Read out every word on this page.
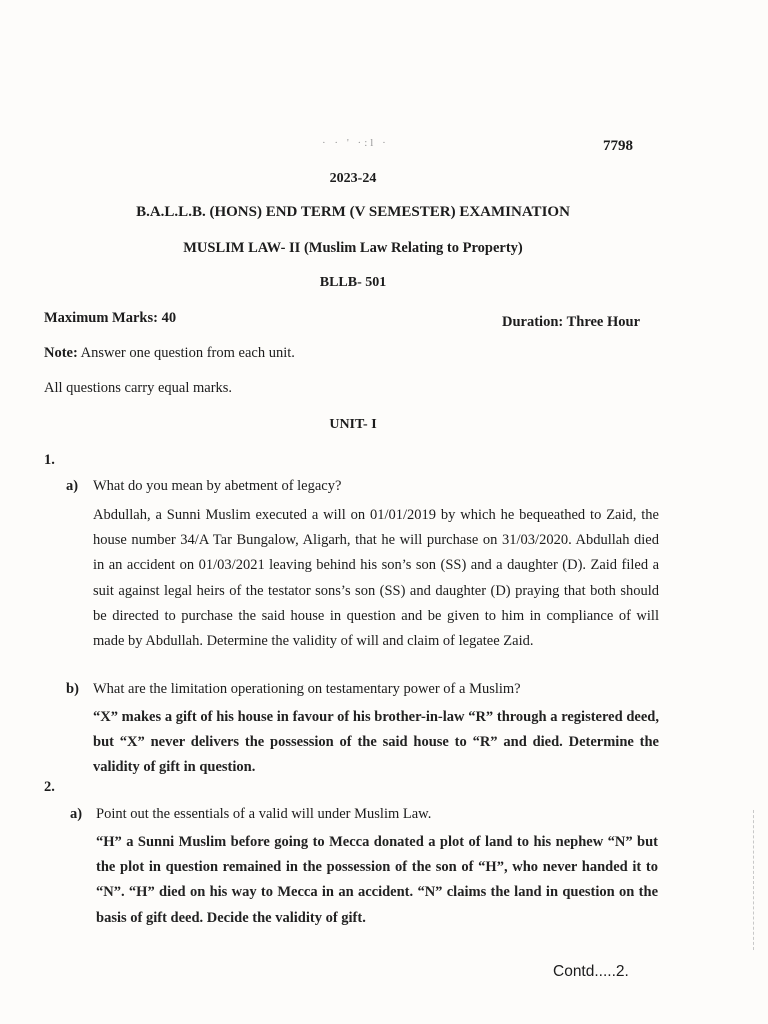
· · ' ·:l ·	7798
2023-24
B.A.L.L.B. (HONS) END TERM (V SEMESTER) EXAMINATION
MUSLIM LAW- II (Muslim Law Relating to Property)
BLLB- 501
Maximum Marks: 40	Duration: Three Hour
Note: Answer one question from each unit.
All questions carry equal marks.
UNIT- I
1.
a) What do you mean by abetment of legacy?
Abdullah, a Sunni Muslim executed a will on 01/01/2019 by which he bequeathed to Zaid, the house number 34/A Tar Bungalow, Aligarh, that he will purchase on 31/03/2020. Abdullah died in an accident on 01/03/2021 leaving behind his son’s son (SS) and a daughter (D). Zaid filed a suit against legal heirs of the testator sons’s son (SS) and daughter (D) praying that both should be directed to purchase the said house in question and be given to him in compliance of will made by Abdullah. Determine the validity of will and claim of legatee Zaid.
b) What are the limitation operationing on testamentary power of a Muslim?
“X” makes a gift of his house in favour of his brother-in-law “R” through a registered deed, but “X” never delivers the possession of the said house to “R” and died. Determine the validity of gift in question.
2.
a) Point out the essentials of a valid will under Muslim Law.
“H” a Sunni Muslim before going to Mecca donated a plot of land to his nephew “N” but the plot in question remained in the possession of the son of “H”, who never handed it to “N”. “H” died on his way to Mecca in an accident. “N” claims the land in question on the basis of gift deed. Decide the validity of gift.
Contd.....2.
